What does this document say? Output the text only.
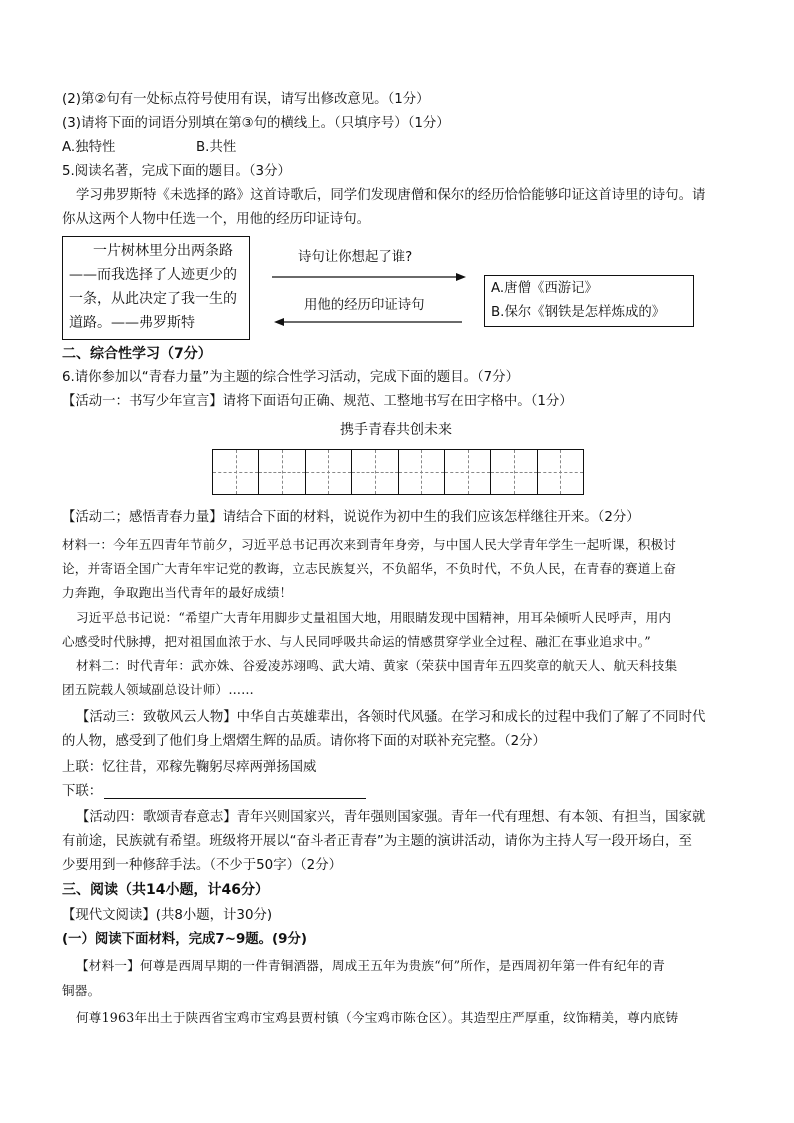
(2)第②句有一处标点符号使用有误，请写出修改意见。（1分）
(3)请将下面的词语分别填在第③句的横线上。（只填序号）（1分）
A.独特性	B.共性
5.阅读名著，完成下面的题目。（3分）
学习弗罗斯特《未选择的路》这首诗歌后，同学们发现唐僧和保尔的经历恰恰能够印证这首诗里的诗句。请
你从这两个人物中任选一个，用他的经历印证诗句。
一片树林里分出两条路
——而我选择了人迹更少的
一条，从此决定了我一生的
道路。——弗罗斯特
诗句让你想起了谁?
用他的经历印证诗句
A.唐僧《西游记》
B.保尔《钢铁是怎样炼成的》
二、综合性学习（7分）
6.请你参加以“青春力量”为主题的综合性学习活动，完成下面的题目。（7分）
【活动一：书写少年宣言】请将下面语句正确、规范、工整地书写在田字格中。（1分）
携手青春共创未来
【活动二；感悟青春力量】请结合下面的材料，说说作为初中生的我们应该怎样继往开来。（2分）
材料一：今年五四青年节前夕，习近平总书记再次来到青年身旁，与中国人民大学青年学生一起听课，积极讨
论，并寄语全国广大青年牢记党的教诲，立志民族复兴，不负韶华，不负时代，不负人民，在青春的赛道上奋
力奔跑，争取跑出当代青年的最好成绩！
习近平总书记说：“希望广大青年用脚步丈量祖国大地，用眼睛发现中国精神，用耳朵倾听人民呼声，用内
心感受时代脉搏，把对祖国血浓于水、与人民同呼吸共命运的情感贯穿学业全过程、融汇在事业追求中。”
材料二：时代青年：武亦姝、谷爱凌苏翊鸣、武大靖、黄家（荣获中国青年五四奖章的航天人、航天科技集
团五院载人领域副总设计师）……
【活动三：致敬风云人物】中华自古英雄辈出，各领时代风骚。在学习和成长的过程中我们了解了不同时代
的人物，感受到了他们身上熠熠生辉的品质。请你将下面的对联补充完整。（2分）
上联：忆往昔，邓稼先鞠躬尽瘁两弹扬国威
下联：
【活动四：歌颂青春意志】青年兴则国家兴，青年强则国家强。青年一代有理想、有本领、有担当，国家就
有前途，民族就有希望。班级将开展以“奋斗者正青春”为主题的演讲活动，请你为主持人写一段开场白，至
少要用到一种修辞手法。（不少于50字）（2分）
三、阅读（共14小题，计46分）
【现代文阅读】(共8小题，计30分)
(一）阅读下面材料，完成7~9题。(9分)
【材料一】何尊是西周早期的一件青铜酒器，周成王五年为贵族“何”所作，是西周初年第一件有纪年的青
铜器。
何尊1963年出土于陕西省宝鸡市宝鸡县贾村镇（今宝鸡市陈仓区）。其造型庄严厚重，纹饰精美，尊内底铸
